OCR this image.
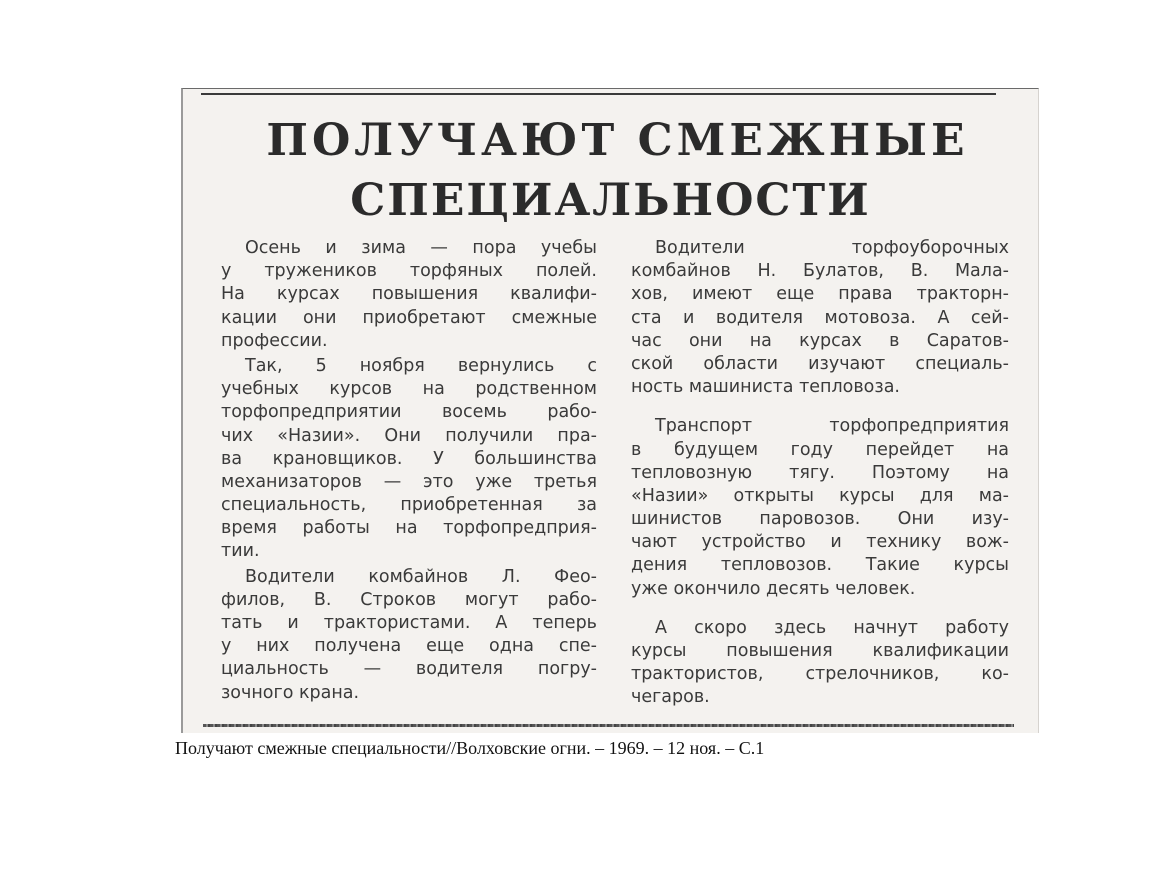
ПОЛУЧАЮТ СМЕЖНЫЕ
СПЕЦИАЛЬНОСТИ
Осень и зима — пора учебы
у тружеников торфяных полей.
На курсах повышения квалифи-
кации они приобретают смежные
профессии.
Так, 5 ноября вернулись с
учебных курсов на родственном
торфопредприятии восемь рабо-
чих «Назии». Они получили пра-
ва крановщиков. У большинства
механизаторов — это уже третья
специальность, приобретенная за
время работы на торфопредприя-
тии.
Водители комбайнов Л. Фео-
филов, В. Строков могут рабо-
тать и трактористами. А теперь
у них получена еще одна спе-
циальность — водителя погру-
зочного крана.
Водители торфоуборочных
комбайнов Н. Булатов, В. Мала-
хов, имеют еще права тракторн-
ста и водителя мотовоза. А сей-
час они на курсах в Саратов-
ской области изучают специаль-
ность машиниста тепловоза.
Транспорт торфопредприятия
в будущем году перейдет на
тепловозную тягу. Поэтому на
«Назии» открыты курсы для ма-
шинистов паровозов. Они изу-
чают устройство и технику вож-
дения тепловозов. Такие курсы
уже окончило десять человек.
А скоро здесь начнут работу
курсы повышения квалификации
трактористов, стрелочников, ко-
чегаров.

Получают смежные специальности//Волховские огни. – 1969. – 12 ноя. – С.1
